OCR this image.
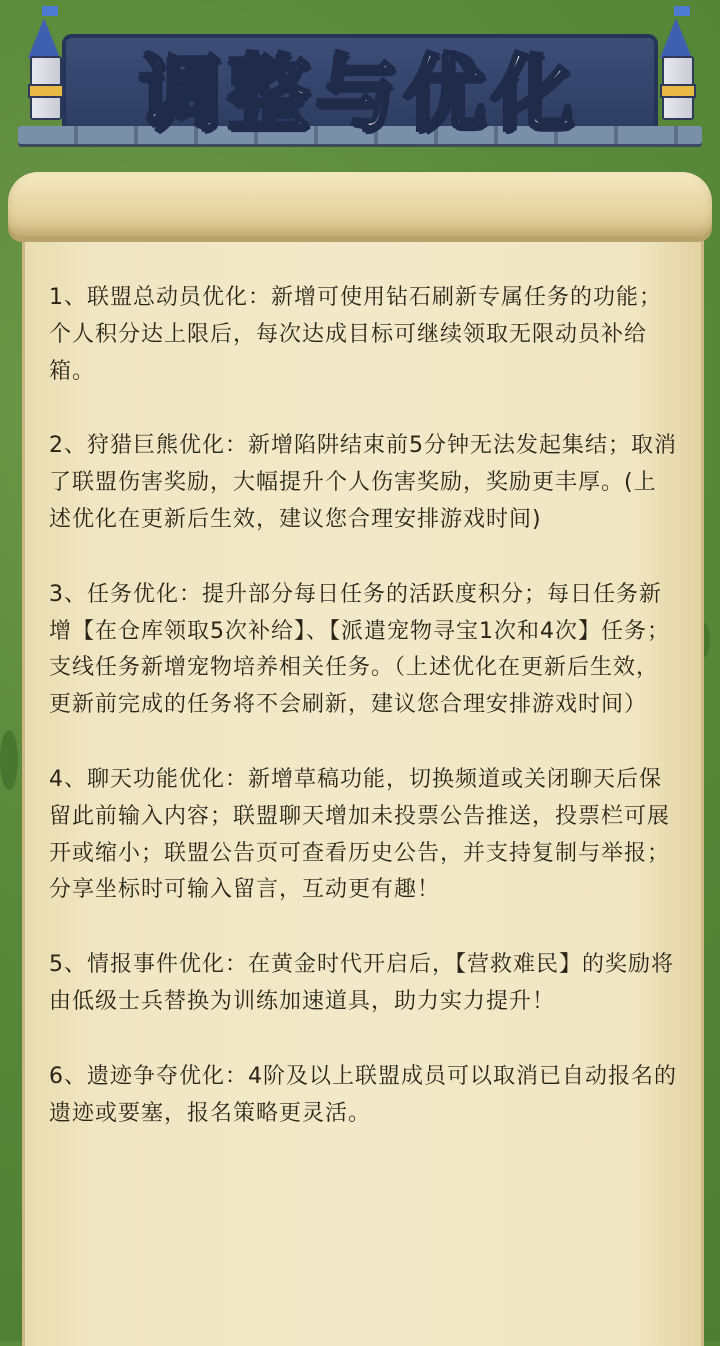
调整与优化

1、联盟总动员优化：新增可使用钻石刷新专属任务的功能；个人积分达上限后，每次达成目标可继续领取无限动员补给箱。

2、狩猎巨熊优化：新增陷阱结束前5分钟无法发起集结；取消了联盟伤害奖励，大幅提升个人伤害奖励，奖励更丰厚。(上述优化在更新后生效，建议您合理安排游戏时间)

3、任务优化：提升部分每日任务的活跃度积分；每日任务新增【在仓库领取5次补给】、【派遣宠物寻宝1次和4次】任务；支线任务新增宠物培养相关任务。（上述优化在更新后生效，更新前完成的任务将不会刷新，建议您合理安排游戏时间）

4、聊天功能优化：新增草稿功能，切换频道或关闭聊天后保留此前输入内容；联盟聊天增加未投票公告推送，投票栏可展开或缩小；联盟公告页可查看历史公告，并支持复制与举报；分享坐标时可输入留言，互动更有趣！

5、情报事件优化：在黄金时代开启后，【营救难民】的奖励将由低级士兵替换为训练加速道具，助力实力提升！

6、遗迹争夺优化：4阶及以上联盟成员可以取消已自动报名的遗迹或要塞，报名策略更灵活。
